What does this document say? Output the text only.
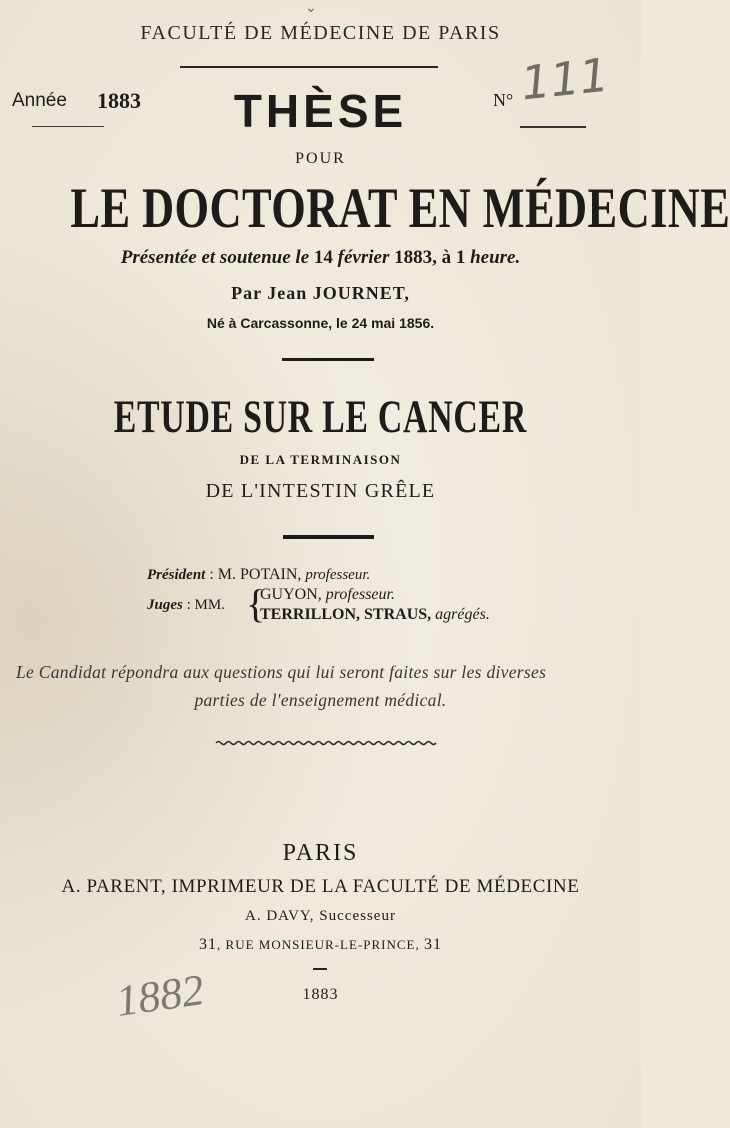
⌄
FACULTÉ DE MÉDECINE DE PARIS
Année 1883	THÈSE	N° 111
POUR
LE DOCTORAT EN MÉDECINE
Présentée et soutenue le 14 février 1883, à 1 heure.
Par Jean JOURNET,
Né à Carcassonne, le 24 mai 1856.
ETUDE SUR LE CANCER
DE LA TERMINAISON
DE L'INTESTIN GRÊLE
Président : M. POTAIN, professeur.
Juges : MM. {
GUYON, professeur.
TERRILLON, STRAUS, agrégés.
Le Candidat répondra aux questions qui lui seront faites sur les diverses
parties de l'enseignement médical.
PARIS
A. PARENT, IMPRIMEUR DE LA FACULTÉ DE MÉDECINE
A. DAVY, Successeur
31, RUE MONSIEUR-LE-PRINCE, 31
1883
1882
